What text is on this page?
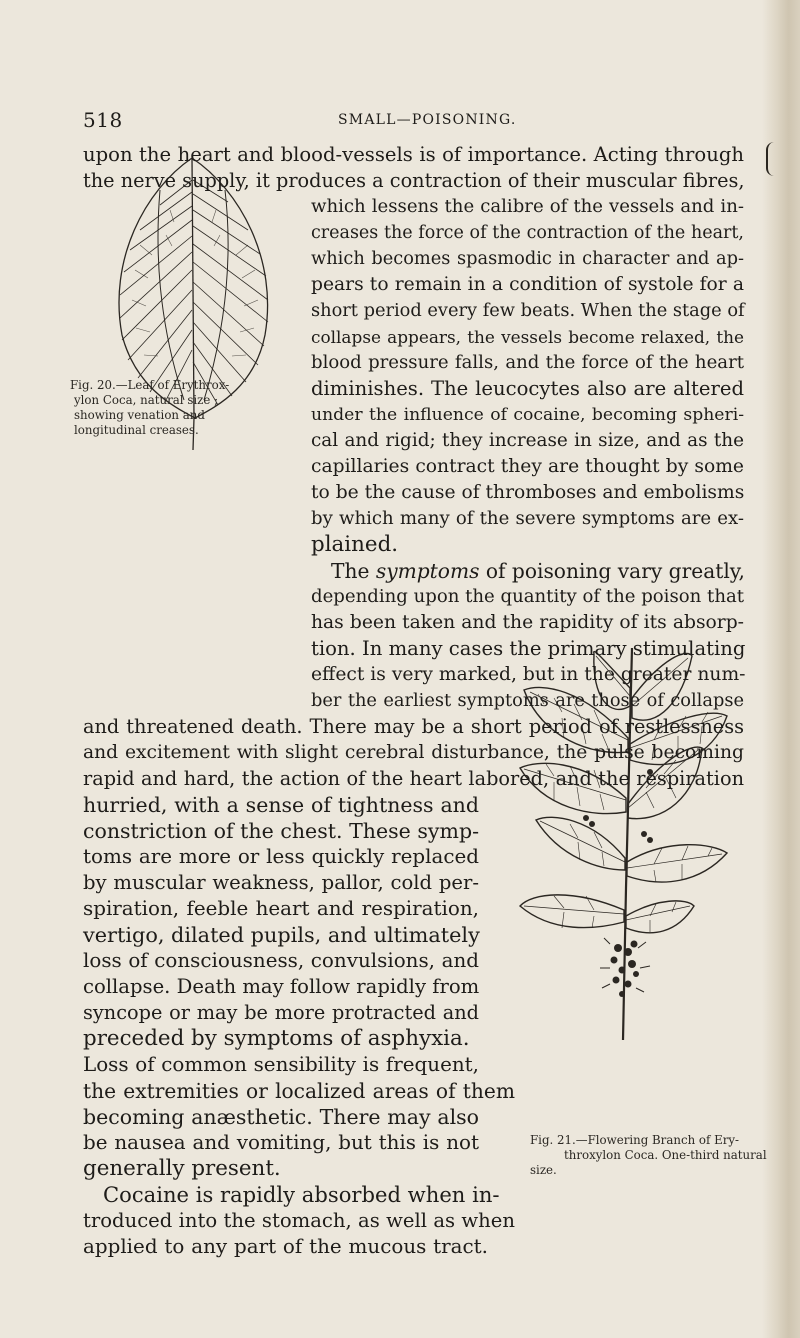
518	SMALL—POISONING.
Fig. 20.—Leaf of Erythrox-
ylon Coca, natural size ;
showing venation and
longitudinal creases.
Fig. 21.—Flowering Branch of Ery-
throxylon Coca. One-third natural
size.
upon the heart and blood-vessels is of importance. Acting through
the nerve supply, it produces a contraction of their muscular fibres,
which lessens the calibre of the vessels and in-
creases the force of the contraction of the heart,
which becomes spasmodic in character and ap-
pears to remain in a condition of systole for a
short period every few beats. When the stage of
collapse appears, the vessels become relaxed, the
blood pressure falls, and the force of the heart
diminishes. The leucocytes also are altered
under the influence of cocaine, becoming spheri-
cal and rigid; they increase in size, and as the
capillaries contract they are thought by some
to be the cause of thromboses and embolisms
by which many of the severe symptoms are ex-
plained.
The symptoms of poisoning vary greatly,
depending upon the quantity of the poison that
has been taken and the rapidity of its absorp-
tion. In many cases the primary stimulating
effect is very marked, but in the greater num-
ber the earliest symptoms are those of collapse
and threatened death. There may be a short period of restlessness
and excitement with slight cerebral disturbance, the pulse becoming
rapid and hard, the action of the heart labored, and the respiration
hurried, with a sense of tightness and
constriction of the chest. These symp-
toms are more or less quickly replaced
by muscular weakness, pallor, cold per-
spiration, feeble heart and respiration,
vertigo, dilated pupils, and ultimately
loss of consciousness, convulsions, and
collapse. Death may follow rapidly from
syncope or may be more protracted and
preceded by symptoms of asphyxia.
Loss of common sensibility is frequent,
the extremities or localized areas of them
becoming anæsthetic. There may also
be nausea and vomiting, but this is not
generally present.
Cocaine is rapidly absorbed when in-
troduced into the stomach, as well as when
applied to any part of the mucous tract.
